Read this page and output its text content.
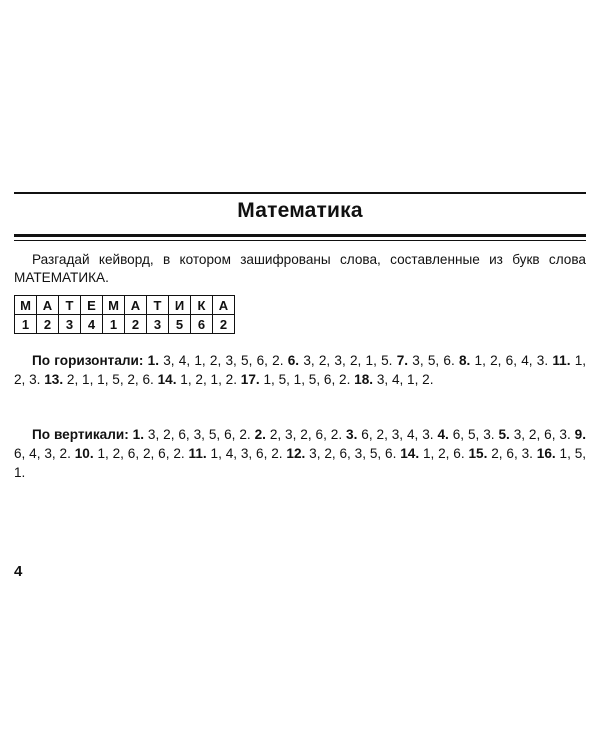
Математика

Разгадай кейворд, в котором зашифрованы слова, составленные из букв слова МАТЕМАТИКА.

М	А	Т	Е	М	А	Т	И	К	А
1	2	3	4	1	2	3	5	6	2

По горизонтали: 1. 3, 4, 1, 2, 3, 5, 6, 2. 6. 3, 2, 3, 2, 1, 5. 7. 3, 5, 6. 8. 1, 2, 6, 4, 3. 11. 1, 2, 3. 13. 2, 1, 1, 5, 2, 6. 14. 1, 2, 1, 2. 17. 1, 5, 1, 5, 6, 2. 18. 3, 4, 1, 2.

По вертикали: 1. 3, 2, 6, 3, 5, 6, 2. 2. 2, 3, 2, 6, 2. 3. 6, 2, 3, 4, 3. 4. 6, 5, 3. 5. 3, 2, 6, 3. 9. 6, 4, 3, 2. 10. 1, 2, 6, 2, 6, 2. 11. 1, 4, 3, 6, 2. 12. 3, 2, 6, 3, 5, 6. 14. 1, 2, 6. 15. 2, 6, 3. 16. 1, 5, 1.

4
